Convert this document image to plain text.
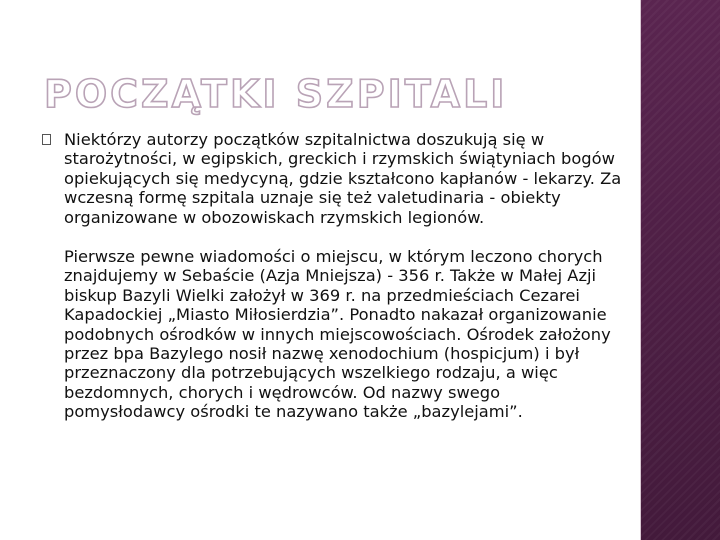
POCZĄTKI SZPITALI

Niektórzy autorzy początków szpitalnictwa doszukują się w starożytności, w egipskich, greckich i rzymskich świątyniach bogów opiekujących się medycyną, gdzie kształcono kapłanów - lekarzy. Za wczesną formę szpitala uznaje się też valetudinaria - obiekty organizowane w obozowiskach rzymskich legionów.

Pierwsze pewne wiadomości o miejscu, w którym leczono chorych znajdujemy w Sebaście (Azja Mniejsza) - 356 r. Także w Małej Azji biskup Bazyli Wielki założył w 369 r. na przedmieściach Cezarei Kapadockiej „Miasto Miłosierdzia”. Ponadto nakazał organizowanie podobnych ośrodków w innych miejscowościach. Ośrodek założony przez bpa Bazylego nosił nazwę xenodochium (hospicjum) i był przeznaczony dla potrzebujących wszelkiego rodzaju, a więc bezdomnych, chorych i wędrowców. Od nazwy swego pomysłodawcy ośrodki te nazywano także „bazylejami”.
